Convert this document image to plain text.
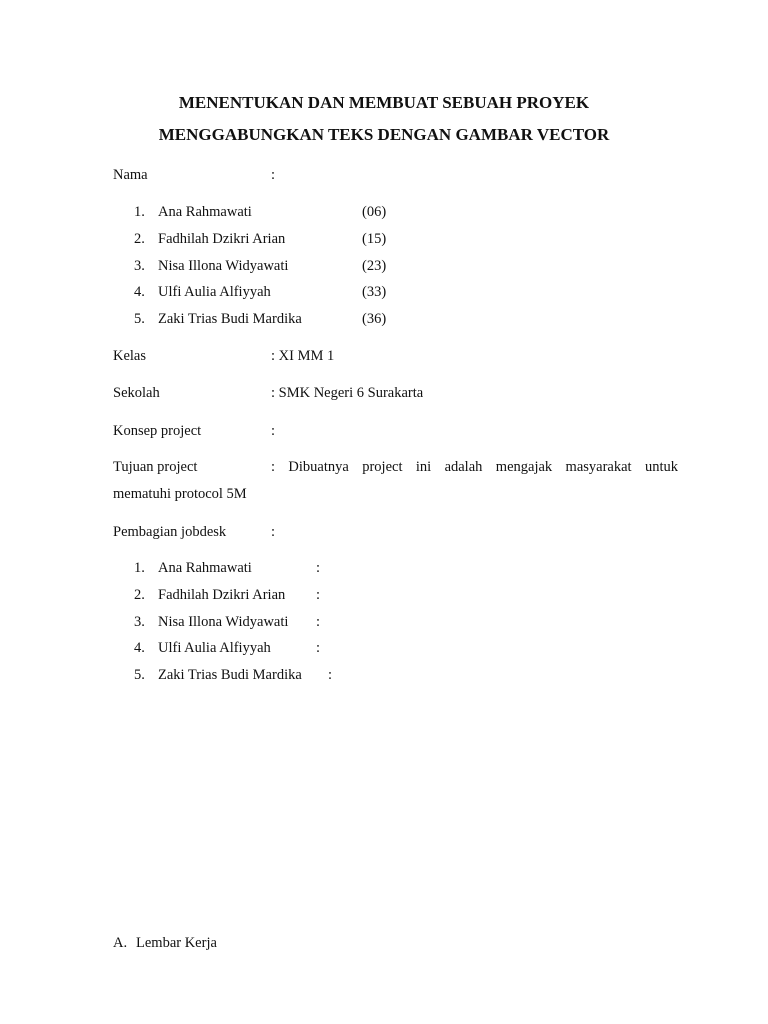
MENENTUKAN DAN MEMBUAT SEBUAH PROYEK
MENGGABUNGKAN TEKS DENGAN GAMBAR VECTOR
Nama	:
1. Ana Rahmawati	(06)
2. Fadhilah Dzikri Arian	(15)
3. Nisa Illona Widyawati	(23)
4. Ulfi Aulia Alfiyyah	(33)
5. Zaki Trias Budi Mardika	(36)
Kelas	: XI MM 1
Sekolah	: SMK Negeri 6 Surakarta
Konsep project	:
Tujuan project	: Dibuatnya project ini adalah mengajak masyarakat untuk
mematuhi protocol 5M
Pembagian jobdesk	:
1. Ana Rahmawati	:
2. Fadhilah Dzikri Arian :
3. Nisa Illona Widyawati :
4. Ulfi Aulia Alfiyyah	:
5. Zaki Trias Budi Mardika :
A. Lembar Kerja
